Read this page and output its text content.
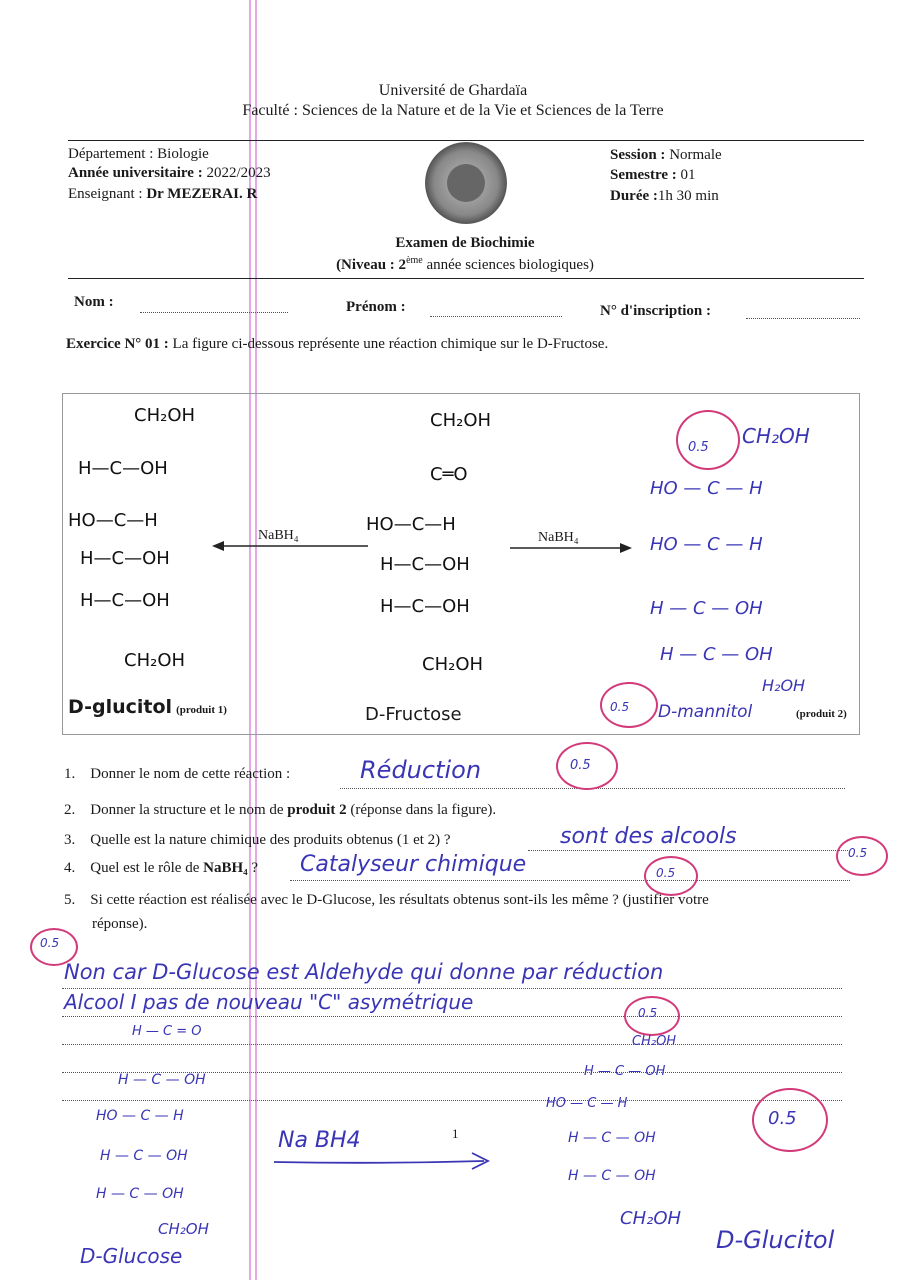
Université de Ghardaïa
Faculté : Sciences de la Nature et de la Vie et Sciences de la Terre
Département : Biologie
Année universitaire : 2022/2023
Enseignant : Dr MEZERAI. R
Session : Normale
Semestre : 01
Durée :1h 30 min
Examen de Biochimie
(Niveau : 2ème année sciences biologiques)
Nom :	Prénom :	N° d'inscription :
Exercice N° 01 : La figure ci-dessous représente une réaction chimique sur le D-Fructose.
CH₂OH
H—C—OH
HO—C—H
H—C—OH
H—C—OH
CH₂OH
D-glucitol (produit 1)
NaBH₄	NaBH₄
CH₂OH
C═O
HO—C—H
H—C—OH
H—C—OH
CH₂OH
D-Fructose
0.5 CH₂OH
HO — C — H
HO — C — H
H — C — OH
H — C — OH
H₂OH
0.5 D-mannitol	(produit 2)
1. Donner le nom de cette réaction :	Réduction	0.5
2. Donner la structure et le nom de produit 2 (réponse dans la figure).
3. Quelle est la nature chimique des produits obtenus (1 et 2) ?	sont des alcools
0.5
4. Quel est le rôle de NaBH₄ ? Catalyseur chimique	0.5
5. Si cette réaction est réalisée avec le D-Glucose, les résultats obtenus sont-ils les même ? (justifier votre
réponse).
0.5
Non car D-Glucose est Aldehyde qui donne par réduction
Alcool I pas de nouveau "C" asymétrique	0.5
H — C = O
H — C — OH
HO — C — H
H — C — OH
H — C — OH
CH₂OH
D-Glucose
Na BH4	1
CH₂OH
H — C — OH
HO — C — H
H — C — OH
H — C — OH
CH₂OH
D-Glucitol
0.5
